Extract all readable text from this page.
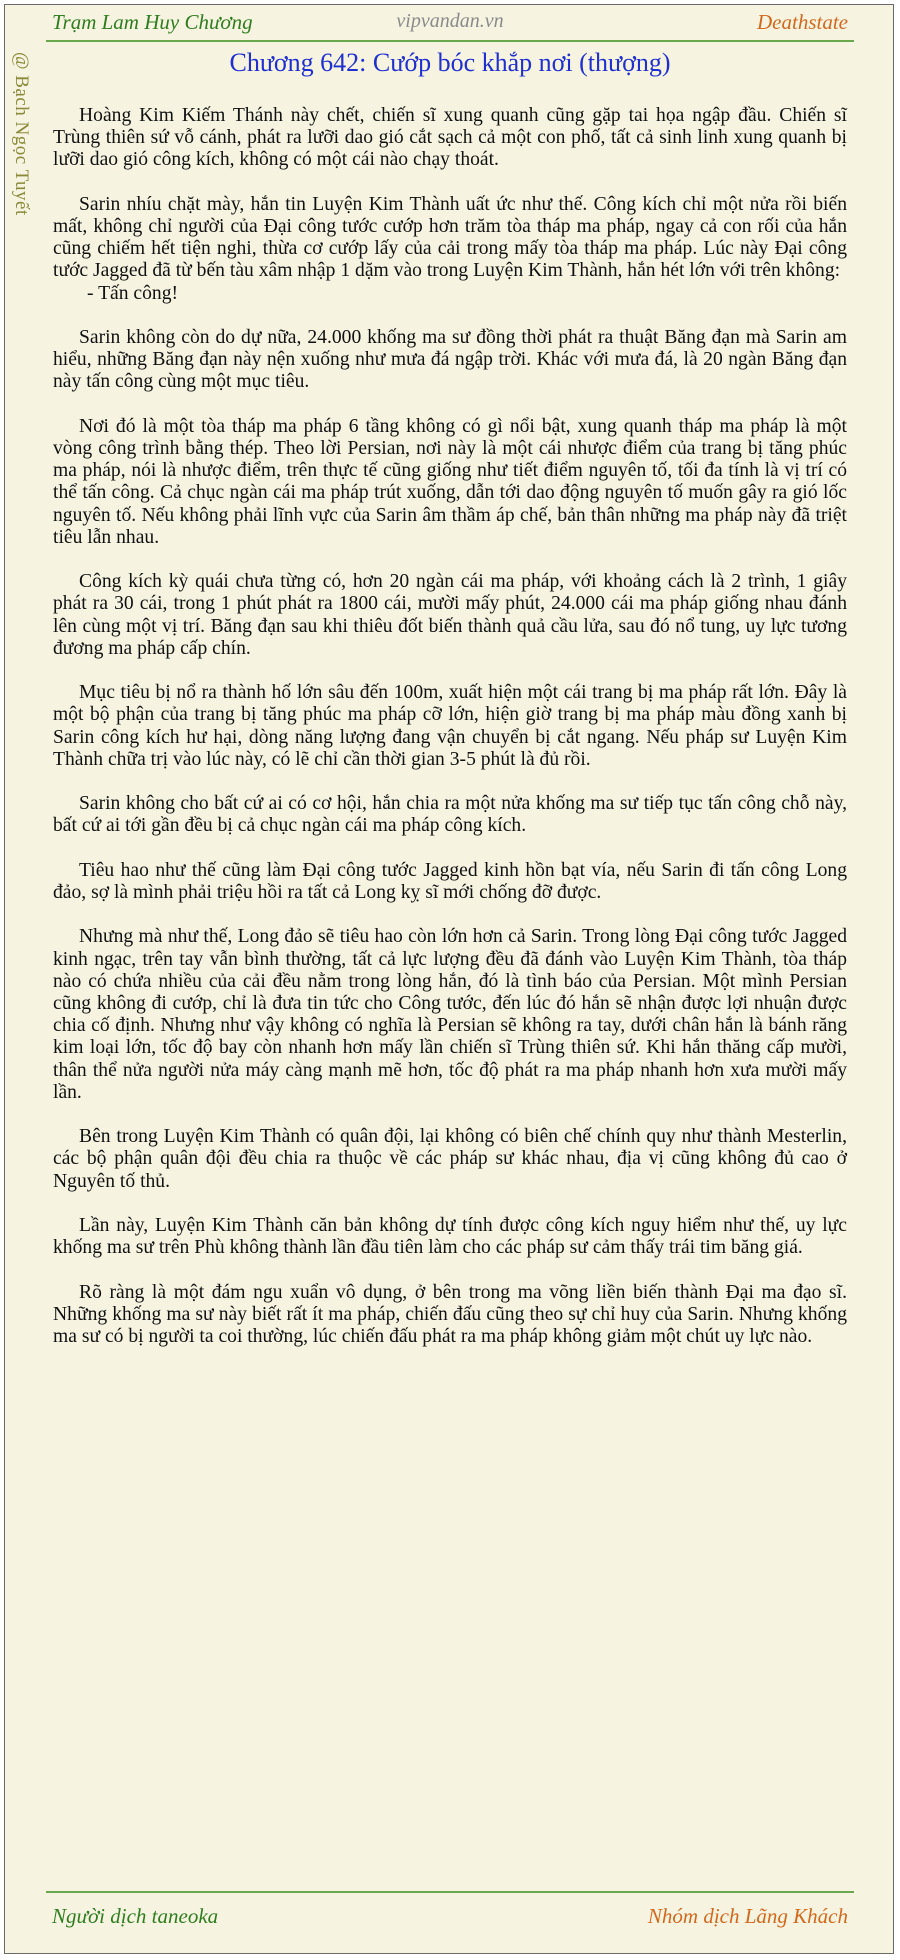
Trạm Lam Huy Chương	vipvandan.vn	Deathstate
@ Bạch Ngọc Tuyết	Chương 642: Cướp bóc khắp nơi (thượng)

Hoàng Kim Kiếm Thánh này chết, chiến sĩ xung quanh cũng gặp tai họa ngập đầu. Chiến sĩ Trùng thiên sứ vỗ cánh, phát ra lưỡi dao gió cắt sạch cả một con phố, tất cả sinh linh xung quanh bị lưỡi dao gió công kích, không có một cái nào chạy thoát.

Sarin nhíu chặt mày, hắn tin Luyện Kim Thành uất ức như thế. Công kích chỉ một nửa rồi biến mất, không chỉ người của Đại công tước cướp hơn trăm tòa tháp ma pháp, ngay cả con rối của hắn cũng chiếm hết tiện nghi, thừa cơ cướp lấy của cải trong mấy tòa tháp ma pháp. Lúc này Đại công tước Jagged đã từ bến tàu xâm nhập 1 dặm vào trong Luyện Kim Thành, hắn hét lớn với trên không:

- Tấn công!

Sarin không còn do dự nữa, 24.000 khống ma sư đồng thời phát ra thuật Băng đạn mà Sarin am hiểu, những Băng đạn này nện xuống như mưa đá ngập trời. Khác với mưa đá, là 20 ngàn Băng đạn này tấn công cùng một mục tiêu.

Nơi đó là một tòa tháp ma pháp 6 tầng không có gì nổi bật, xung quanh tháp ma pháp là một vòng công trình bằng thép. Theo lời Persian, nơi này là một cái nhược điểm của trang bị tăng phúc ma pháp, nói là nhược điểm, trên thực tế cũng giống như tiết điểm nguyên tố, tối đa tính là vị trí có thể tấn công. Cả chục ngàn cái ma pháp trút xuống, dẫn tới dao động nguyên tố muốn gây ra gió lốc nguyên tố. Nếu không phải lĩnh vực của Sarin âm thầm áp chế, bản thân những ma pháp này đã triệt tiêu lẫn nhau.

Công kích kỳ quái chưa từng có, hơn 20 ngàn cái ma pháp, với khoảng cách là 2 trình, 1 giây phát ra 30 cái, trong 1 phút phát ra 1800 cái, mười mấy phút, 24.000 cái ma pháp giống nhau đánh lên cùng một vị trí. Băng đạn sau khi thiêu đốt biến thành quả cầu lửa, sau đó nổ tung, uy lực tương đương ma pháp cấp chín.

Mục tiêu bị nổ ra thành hố lớn sâu đến 100m, xuất hiện một cái trang bị ma pháp rất lớn. Đây là một bộ phận của trang bị tăng phúc ma pháp cỡ lớn, hiện giờ trang bị ma pháp màu đồng xanh bị Sarin công kích hư hại, dòng năng lượng đang vận chuyển bị cắt ngang. Nếu pháp sư Luyện Kim Thành chữa trị vào lúc này, có lẽ chỉ cần thời gian 3-5 phút là đủ rồi.

Sarin không cho bất cứ ai có cơ hội, hắn chia ra một nửa khống ma sư tiếp tục tấn công chỗ này, bất cứ ai tới gần đều bị cả chục ngàn cái ma pháp công kích.

Tiêu hao như thế cũng làm Đại công tước Jagged kinh hồn bạt vía, nếu Sarin đi tấn công Long đảo, sợ là mình phải triệu hồi ra tất cả Long kỵ sĩ mới chống đỡ được.

Nhưng mà như thế, Long đảo sẽ tiêu hao còn lớn hơn cả Sarin. Trong lòng Đại công tước Jagged kinh ngạc, trên tay vẫn bình thường, tất cả lực lượng đều đã đánh vào Luyện Kim Thành, tòa tháp nào có chứa nhiều của cải đều nằm trong lòng hắn, đó là tình báo của Persian. Một mình Persian cũng không đi cướp, chỉ là đưa tin tức cho Công tước, đến lúc đó hắn sẽ nhận được lợi nhuận được chia cố định. Nhưng như vậy không có nghĩa là Persian sẽ không ra tay, dưới chân hắn là bánh răng kim loại lớn, tốc độ bay còn nhanh hơn mấy lần chiến sĩ Trùng thiên sứ. Khi hắn thăng cấp mười, thân thể nửa người nửa máy càng mạnh mẽ hơn, tốc độ phát ra ma pháp nhanh hơn xưa mười mấy lần.

Bên trong Luyện Kim Thành có quân đội, lại không có biên chế chính quy như thành Mesterlin, các bộ phận quân đội đều chia ra thuộc về các pháp sư khác nhau, địa vị cũng không đủ cao ở Nguyên tố thủ.

Lần này, Luyện Kim Thành căn bản không dự tính được công kích nguy hiểm như thế, uy lực khống ma sư trên Phù không thành lần đầu tiên làm cho các pháp sư cảm thấy trái tim băng giá.

Rõ ràng là một đám ngu xuẩn vô dụng, ở bên trong ma võng liền biến thành Đại ma đạo sĩ. Những khống ma sư này biết rất ít ma pháp, chiến đấu cũng theo sự chỉ huy của Sarin. Nhưng khống ma sư có bị người ta coi thường, lúc chiến đấu phát ra ma pháp không giảm một chút uy lực nào.

Người dịch taneoka	Nhóm dịch Lãng Khách
